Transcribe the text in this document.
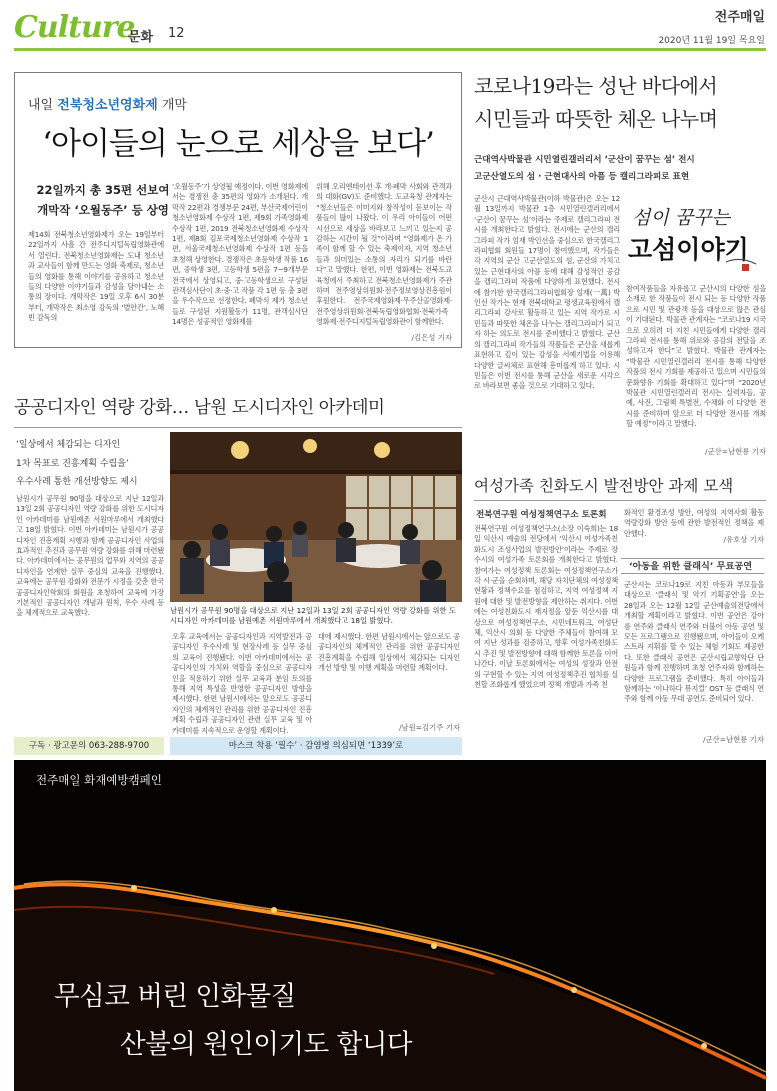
Culture
문화 12
전주매일
2020년 11월 19일 목요일
내일 전북청소년영화제 개막
‘아이들의 눈으로 세상을 보다’
22일까지 총 35편 선보여
개막작 ‘오월동주’ 등 상영
제14회 전북청소년영화제가 오는 19일부터 22일까지 사흘 간 전주디지털독립영화관에서 열린다. 전북청소년영화제는 도내 청소년과 교사들이 함께 만드는 영화 축제로, 청소년들의 영화를 통해 이야기를 공유하고 청소년들의 다양한 이야기들과 감성을 담아내는 소통의 장이다. 개막작은 19일 오후 6시 30분부터, 개막작은 최소영 감독의 ‘별안간’, 노혜빈 감독의
‘오월동주’가 상영될 예정이다. 이번 영화제에서는 경쟁전 총 35편의 영화가 소개된다. 개막작 22편과 경쟁부문 24편, 부산국제어린이청소년영화제 수상작 1편, 제9회 가족영화제 수상작 1편, 2019 전북청소년영화제 수상작 1편, 제8회 김포국제청소년영화제 수상작 1편, 서울국제청소년영화제 수상작 1편 등을 초청해 상영한다. 경쟁작은 초등학생 작품 16편, 중학생 3편, 고등학생 5편을 7~9개부문 전국에서 상영되고, 중·고등학생으로 구성된 관객심사단이 초·중·고 작품 각 1편 등 총 3편을 우수작으로 선정한다. 폐막식 제가 청소년들로 구성된 지원활동가 11명, 관객심사단 14명은 성공적인 영화제를
위해 오리엔테이션 후 개·폐막 사회와 관객과의 대화(GV)도 준비했다. 도교육청 관계자는 “청소년들은 이미지와 창작성이 돋보이는 작품들이 많이 나왔다. 이 우리 아이들이 어떤 시선으로 세상을 바라보고 느끼고 있는지 공감하는 시간이 될 것”이라며 “영화제가 온 가족이 함께 할 수 있는 축제이자, 지역 청소년들과 의미있는 소통의 자리가 되기를 바란다”고 말했다. 한편, 이번 영화제는 전북도교육청에서 주최하고 전북청소년영화제가 주관하며 전주영상위원회·전주정보영상진흥원이 후원한다. 전주국제영화제·무주산골영화제·전주영상위원회·전북독립영화협회·전북가족영화제·전주디지털독립영화관이 함께한다.
/김은성 기자
코로나19라는 성난 바다에서
시민들과 따뜻한 체온 나누며
근대역사박물관 시민열린갤러리서 ‘군산이 꿈꾸는 섬’ 전시
고군산열도의 섬 · 근현대사의 아픔 등 캘리그라피로 표현
군산시 근대역사박물관(이하 박물관)은 오는 12월 13일까지 박물관 1층 시민열린갤러리에서 ‘군산이 꿈꾸는 섬’이라는 주제로 캘리그라피 전시를 개최한다고 밝혔다. 전시에는 군산의 캘리그라피 작가 엄재 박인선을 중심으로 한국캘리그라피협회 회원들 17명이 참여했으며, 작가들은 각 지역의 군산 고군산열도의 섬, 군산의 가치고 있는 근현대사의 아픔 등에 대해 감성적인 공감을 캘리그라피 작품에 다양하게 표현했다. 전시에 참가한 한국캘리그라피협회장 엄재(一萬) 박인선 작가는 현재 전북대학교 평생교육원에서 캘리그라피 강사로 활동하고 있는 지역 작가로 시민들과 따뜻한 체온을 나누는 캘리그라피가 되고자 하는 의도로 전시를 준비했다고 밝혔다. 군산의 캘리그라피 작가들의 작품들은 군산을 새롭게 표현하고 깊이 있는 감성을 서예기법을 이용해 다양한 글씨체로 표현해 흥미롭게 하고 있다. 시민들은 이번 전시를 통해 군산을 새로운 시각으로 바라보면 좋을 것으로 기대하고 있다.
섬이 꿈꾸는
고섬이야기
참여작품들을 자유롭고 군산시의 다양한 섬을 소재로 한 작품들이 전시 되는 등 다양한 작품으로 시민 및 관광객 등을 대상으로 많은 관심이 기대된다. 박물관 관계자는 “코로나19 시국으로 오히려 더 지친 시민들에게 다양한 캘리그라피 전시를 통해 위로와 공감의 전달을 조성하고자 한다”고 밝혔다. 박물관 관계자는 “박물관 시민열린갤러리 전시를 통해 다양한 작품의 전시 기회를 제공하고 있으며 시민들의 문화향유 기회를 확대하고 있다”며 “2020년 박물관 시민열린갤러리 전시는 실력자들, 공예, 사진, 그림책 특별전, 수채화 이 다양한 전시를 준비하며 앞으로 더 다양한 전시를 개최 할 예정”이라고 말했다.
/군산=남현룡 기자
공공디자인 역량 강화… 남원 도시디자인 아카데미
‘일상에서 체감되는 디자인
1차 목표로 진흥계획 수립을’
우수사례 통한 개선방향도 제시
남원시가 공무원 90명을 대상으로 지난 12일과 13일 2회 공공디자인 역량 강화를 위한 도시디자인 아카데미를 남원예촌 서원마루에서 개최했다고 18일 밝혔다. 이번 아카데미는 남원시가 공공디자인 진흥계획 시행과 함께 공공디자인 사업의 효과적인 추진과 공무원 역량 강화를 위해 마련됐다. 아카데미에서는 공무원의 업무와 지역의 공공디자인을 연계한 실무 중심의 교육을 진행했다. 교육에는 공무원 강화와 전문가 시정을 갖춘 한국공공디자인학회의 회원을 초청하여 교육에 가장 기본적인 공공디자인 개념과 원칙, 우수 사례 등을 체계적으로 교육했다.	남원시가 공무원 90명을 대상으로 지난 12일과 13일 2회 공공디자인 역량 강화를 위한 도시디자인 아카데미를 남원예촌 서원마루에서 개최했다고 18일 밝혔다.
오후 교육에서는 공공디자인과 지역발전과 공공디자인 우수사례 및 현장사례 등 실무 중심의 교육이 진행됐다. 이번 아카데미에서는 공공디자인의 가치와 역할을 중심으로 공공디자인을 적용하기 위한 실무 교육과 분임 토의를 통해 지역 특성을 반영한 공공디자인 방향을 제시했다. 한편 남원시에서는 앞으로도 공공디자인의 체계적인 관리를 위한 공공디자인 진흥계획 수립과 공공디자인 관련 실무 교육 및 아카데미를 지속적으로 운영할 계획이다.
대에 제시했다. 한편 남원시에서는 앞으로도 공공디자인의 체계적인 관리를 위한 공공디자인 진흥계획을 수립해 일상에서 체감되는 디자인 개선 방향 및 이행 계획을 마련할 계획이다.
/남원=김기주 기자
여성가족 친화도시 발전방안 과제 모색
전북연구원 여성정책연구소 토론회
전북연구원 여성정책연구소(소장 이숙희)는 18일 익산시 예술의 전당에서 ‘익산시 여성가족친화도시 조성사업의 발전방안’이라는 주제로 장수시의 여성가족 토론회를 개최한다고 밝혔다. 참여가는 여성정책 토론회는 여성정책연구소가 각 시·군을 순회하며, 해당 자치단체의 여성정책 현황과 정책수요를 점검하고, 지역 여성정책 지원에 대한 및 발전방향을 제안하는 취지다. 이번에는 여성친화도시 재지정을 앞둔 익산시를 대상으로 여성정책연구소, 시민네트워크, 여성단체, 익산시 의회 등 다양한 주체들이 참여해 모여 지난 성과를 검증하고, 향후 여성가족친화도시 추진 및 발전방향에 대해 함께한 토론을 이어 나간다. 이날 토론회에서는 여성의 성장과 안전의 구현할 수 있는 지역 여성정책추진 협치를 실천할 조화롭게 했었으며 정책 개발과 가족 친
화적인 환경조성 방안, 여성의 지역사회 활동 역량강화 방안 등에 관한 발전적인 정책을 제안했다.
/유호상 기자
‘아동을 위한 클래식’ 무료공연
군산시는 코로나19로 지친 아동과 부모들을 대상으로 ‘클래식 및 악기 기획공연’을 오는 28일과 오는 12월 12일 군산예술의전당에서 개최할 계획이라고 밝혔다. 이번 공연은 강아름 연주와 클래식 연주와 더불어 아동 공연 및 모든 프로그램으로 진행됐으며, 아이들이 오케스트라 지휘를 할 수 있는 체험 기회도 제공한다. 또한 클래식 공연은 군산시립교향악단 단원들과 함께 진행하며 초청 연주자와 함께하는 다양한 프로그램을 준비했다. 특히 아이들과 함께하는 ‘이나하다 뮤지컬’ OST 등 클래식 연주와 함께 아동 무대 공연도 준비되어 있다.
/군산=남현룡 기자
구독 · 광고문의 063-288-9700	마스크 착용 ‘필수’ · 감염병 의심되면 ‘1339’로
전주매일 화재예방캠페인
무심코 버린 인화물질
산불의 원인이기도 합니다
